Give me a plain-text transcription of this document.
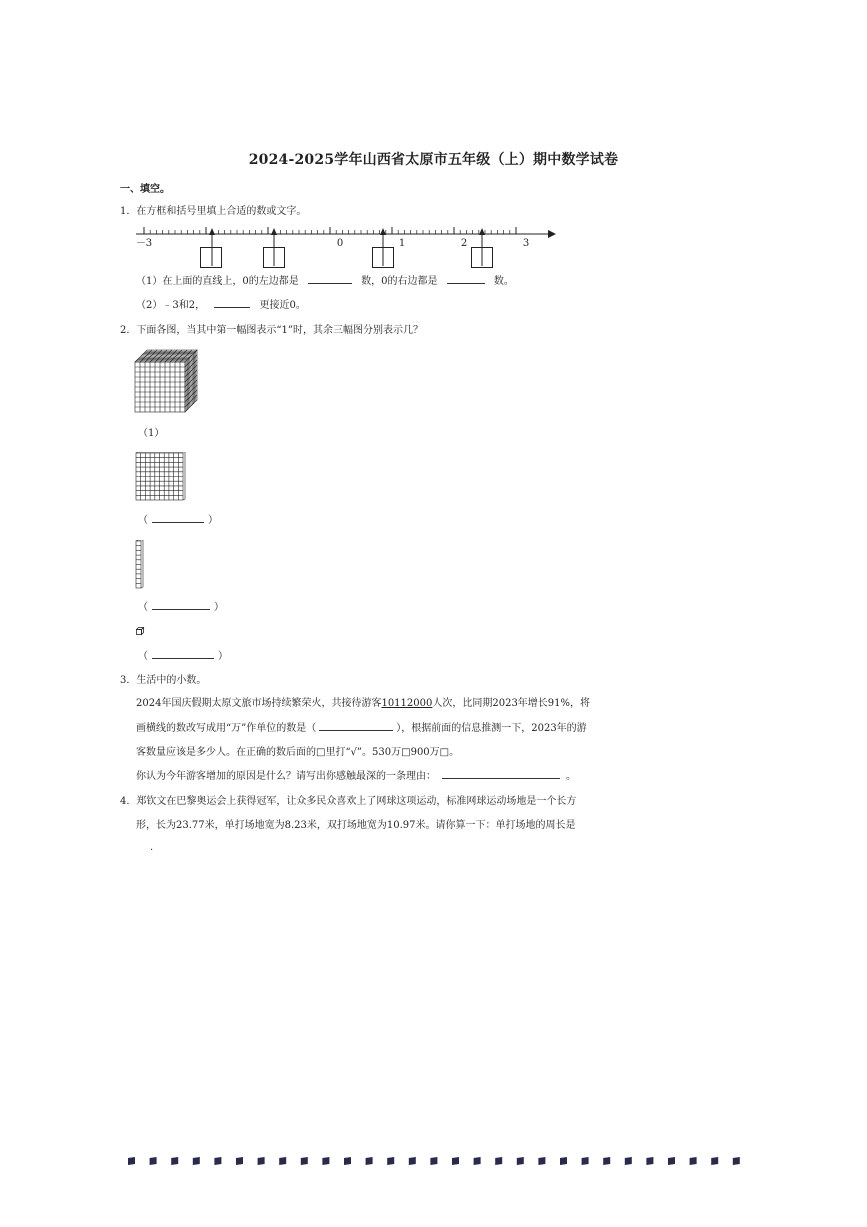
2024-2025学年山西省太原市五年级（上）期中数学试卷
一、填空。
1．在方框和括号里填上合适的数或文字。
－3	0	1	2	3
（1）在上面的直线上，0的左边都是	数，0的右边都是	数。
（2）﹣3和2，	更接近0。
2．下面各图，当其中第一幅图表示“1”时，其余三幅图分别表示几？
（1）
（	）
（	）
（	）
3．生活中的小数。
2024年国庆假期太原文旅市场持续繁荣火，共接待游客10112000人次，比同期2023年增长91%，将
画横线的数改写成用“万”作单位的数是（	），根据前面的信息推测一下，2023年的游
客数量应该是多少人。在正确的数后面的□里打“√”。530万□900万□。
你认为今年游客增加的原因是什么？请写出你感触最深的一条理由：	。
4．郑钦文在巴黎奥运会上获得冠军，让众多民众喜欢上了网球这项运动，标准网球运动场地是一个长方
形，长为23.77米，单打场地宽为8.23米，双打场地宽为10.97米。请你算一下：单打场地的周长是
.
